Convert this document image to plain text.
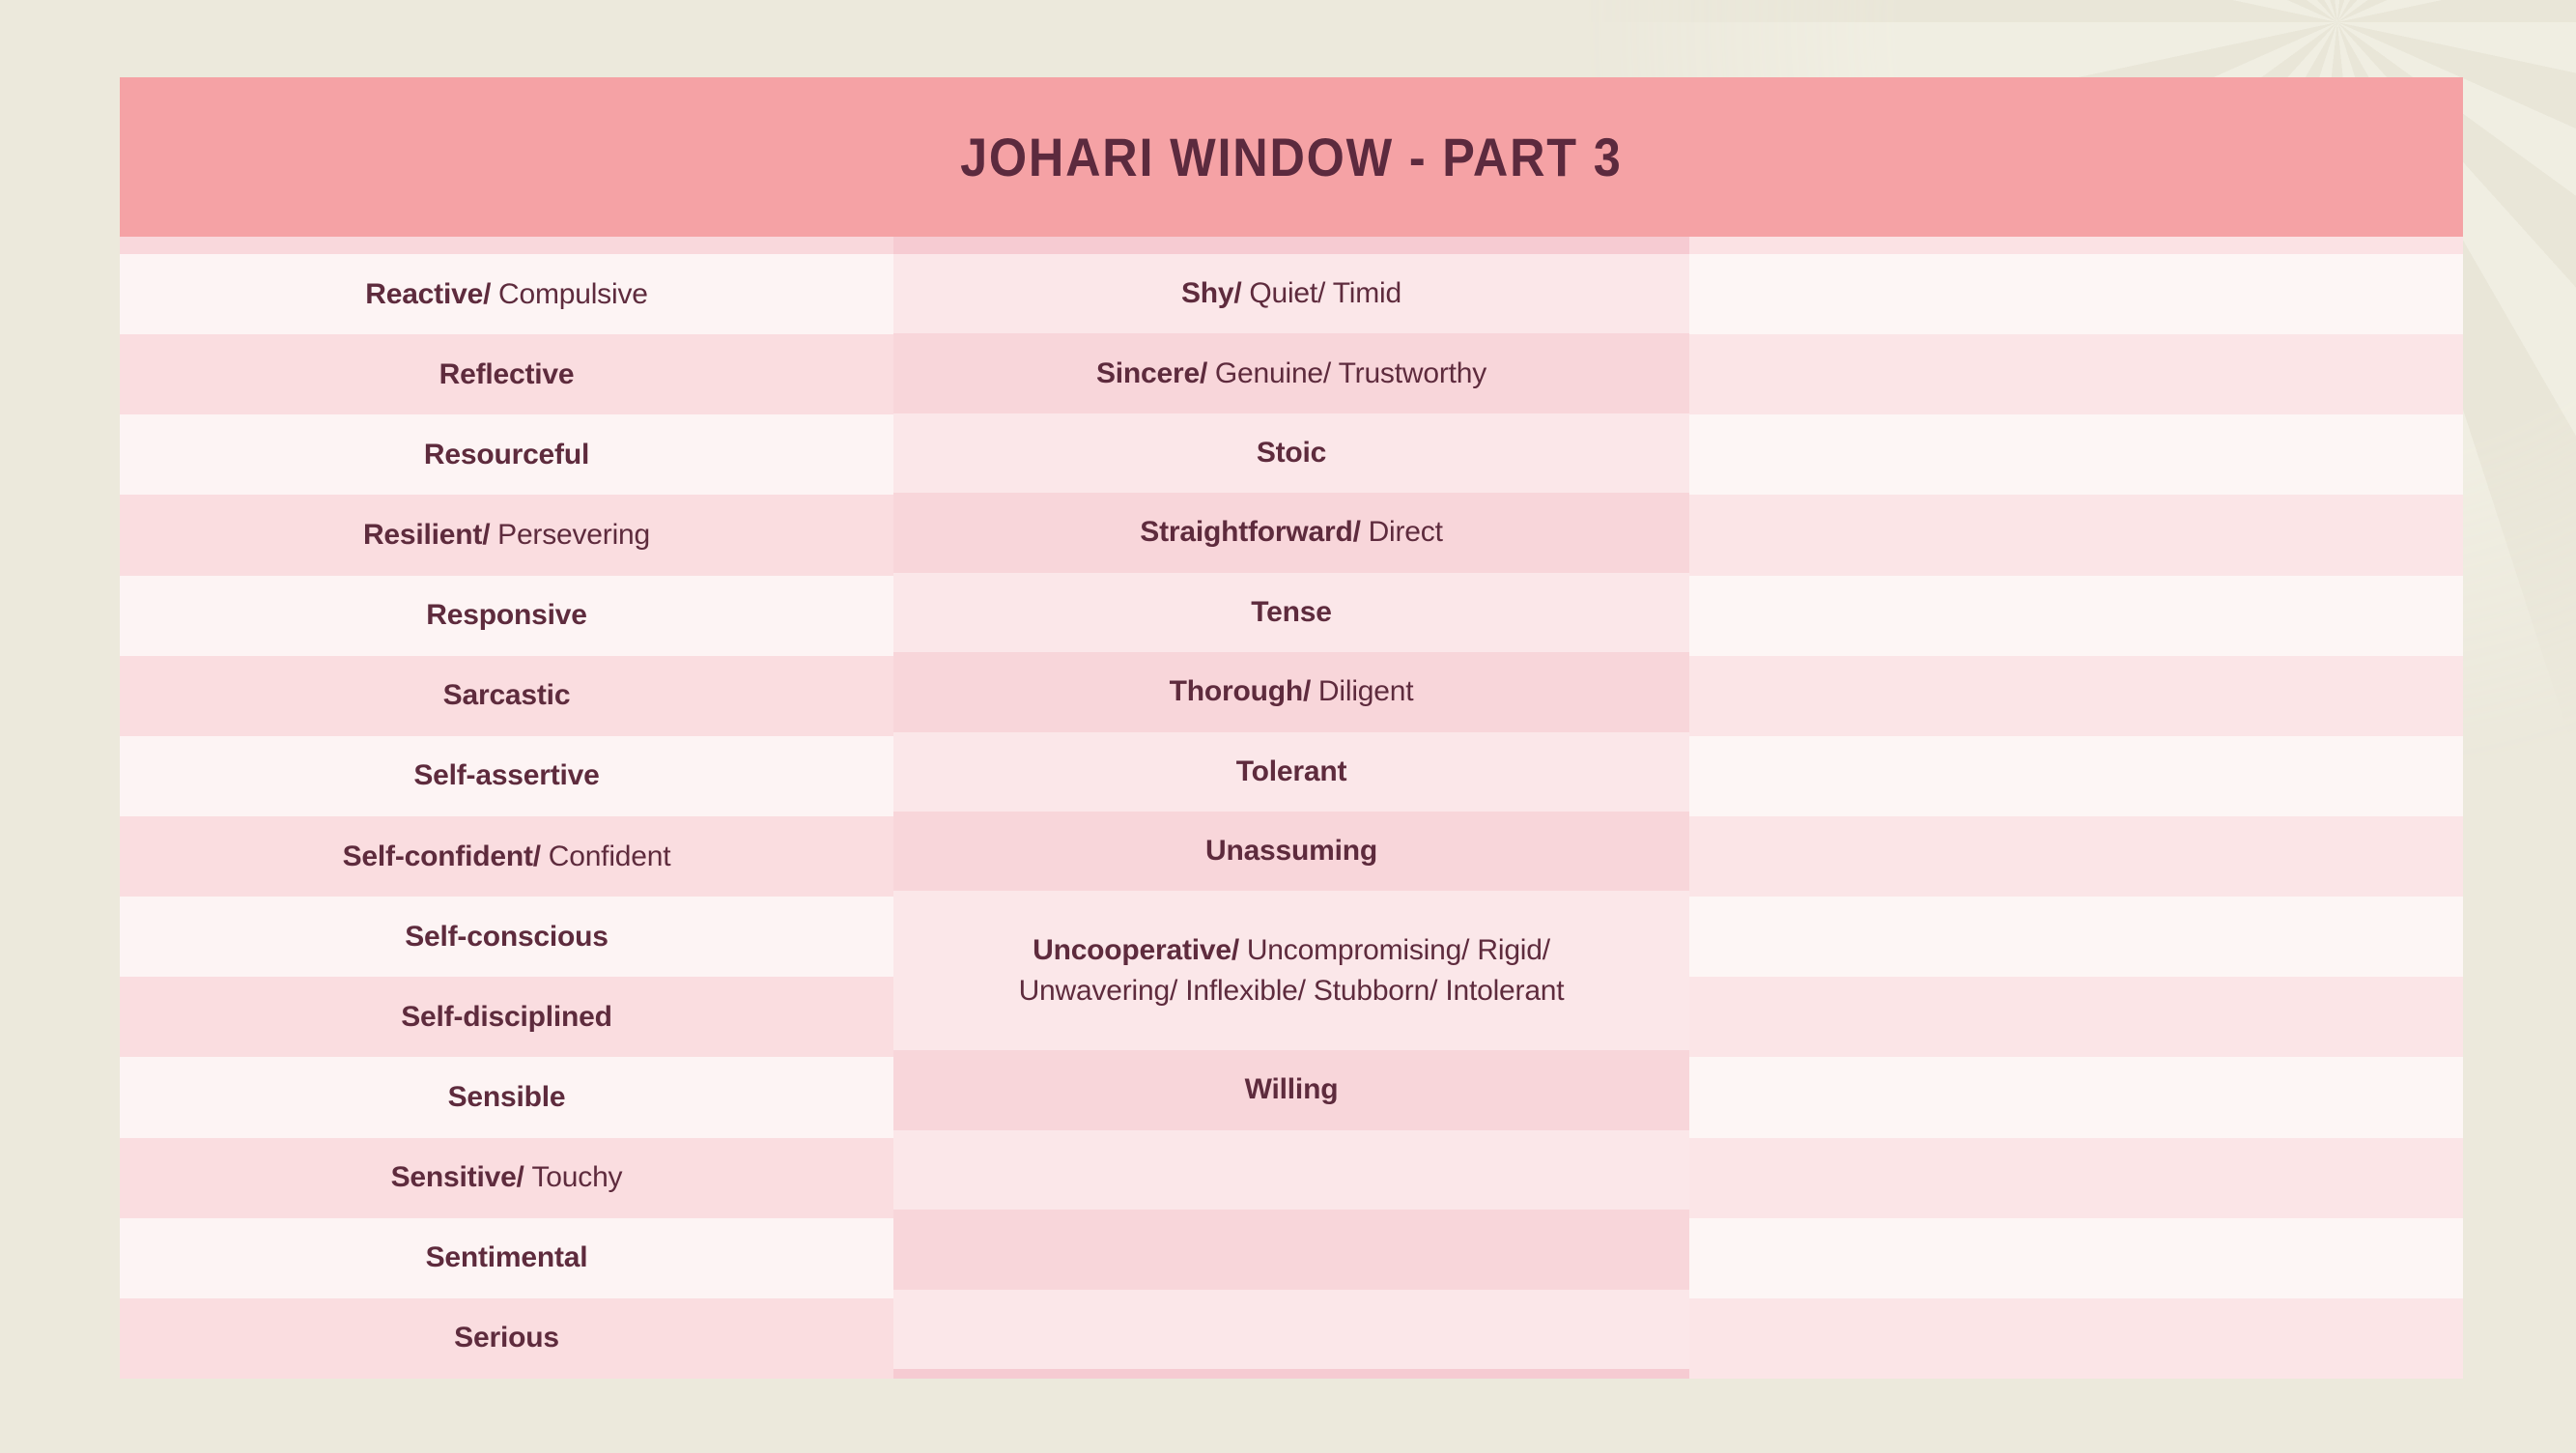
JOHARI WINDOW - PART 3
Reactive/ Compulsive
Reflective
Resourceful
Resilient/ Persevering
Responsive
Sarcastic
Self-assertive
Self-confident/ Confident
Self-conscious
Self-disciplined
Sensible
Sensitive/ Touchy
Sentimental
Serious
Shy/ Quiet/ Timid
Sincere/ Genuine/ Trustworthy
Stoic
Straightforward/ Direct
Tense
Thorough/ Diligent
Tolerant
Unassuming
Uncooperative/ Uncompromising/ Rigid/ Unwavering/ Inflexible/ Stubborn/ Intolerant
Willing
